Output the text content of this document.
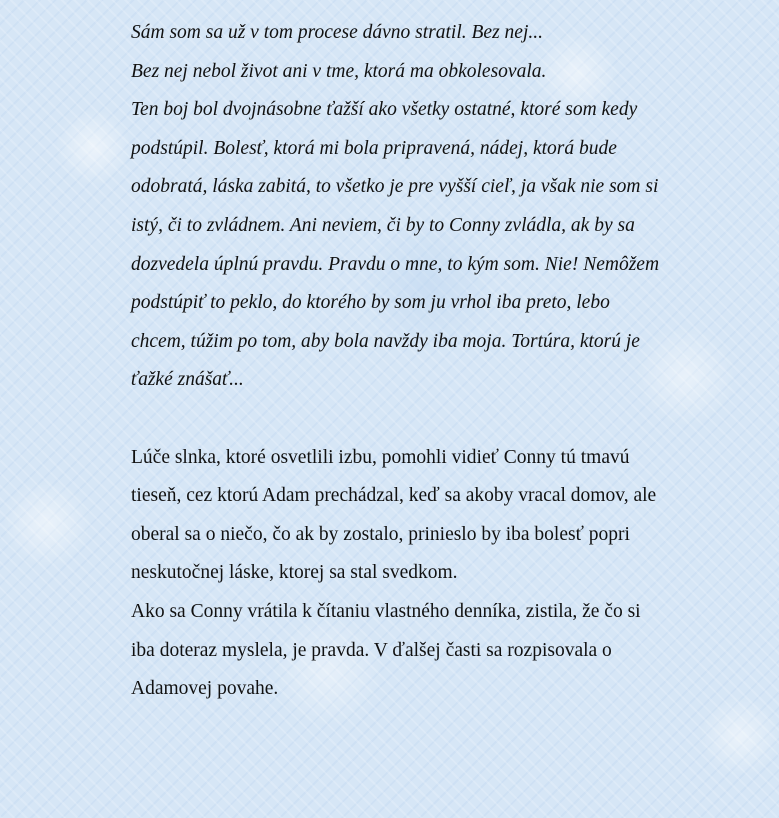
Sám som sa už v tom procese dávno stratil. Bez nej...

Bez nej nebol život ani v tme, ktorá ma obkolesovala.

Ten boj bol dvojnásobne ťažší ako všetky ostatné, ktoré som kedy podstúpil. Bolesť, ktorá mi bola pripravená, nádej, ktorá bude odobratá, láska zabitá, to všetko je pre vyšší cieľ, ja však nie som si istý, či to zvládnem. Ani neviem, či by to Conny zvládla, ak by sa dozvedela úplnú pravdu. Pravdu o mne, to kým som. Nie! Nemôžem podstúpiť to peklo, do ktorého by som ju vrhol iba preto, lebo chcem, túžim po tom, aby bola navždy iba moja. Tortúra, ktorú je ťažké znášať...

Lúče slnka, ktoré osvetlili izbu, pomohli vidieť Conny tú tmavú tieseň, cez ktorú Adam prechádzal, keď sa akoby vracal domov, ale oberal sa o niečo, čo ak by zostalo, prinieslo by iba bolesť popri neskutočnej láske, ktorej sa stal svedkom.

Ako sa Conny vrátila k čítaniu vlastného denníka, zistila, že čo si iba doteraz myslela, je pravda. V ďalšej časti sa rozpisovala o Adamovej povahe.
